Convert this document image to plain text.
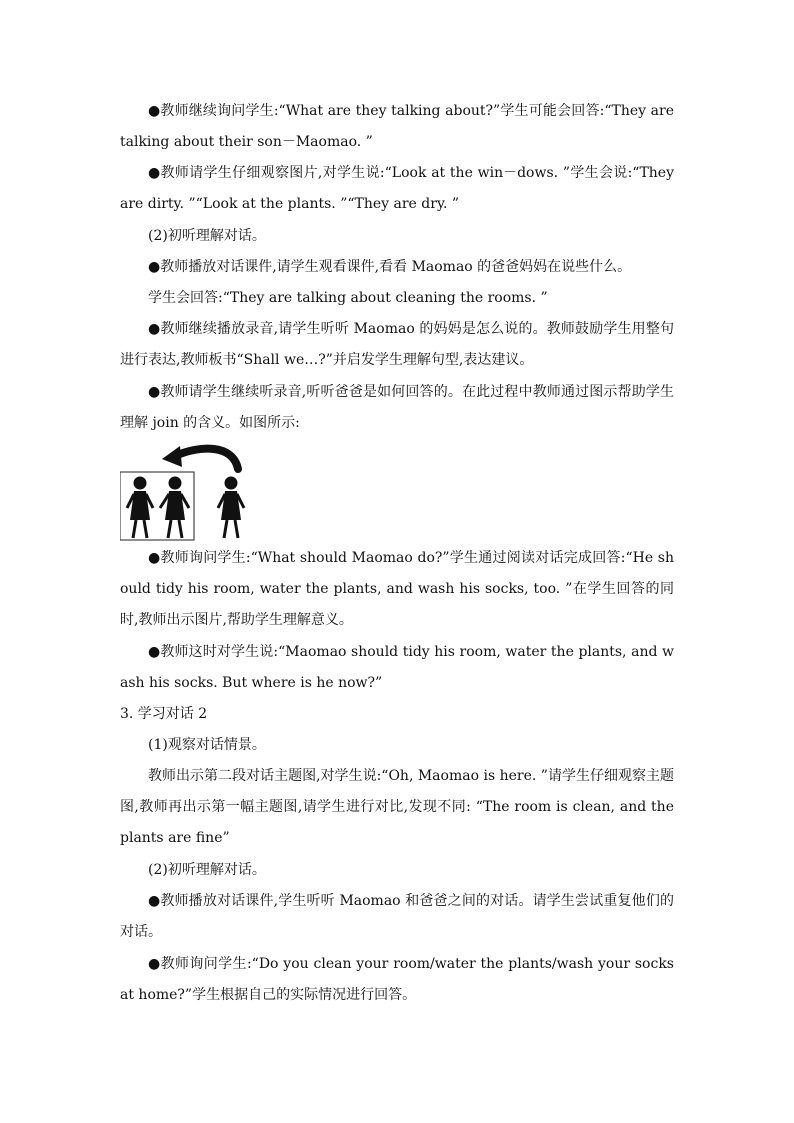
●教师继续询问学生:“What are they talking about?”学生可能会回答:“They are talking about their son－Maomao. ”

●教师请学生仔细观察图片,对学生说:“Look at the win－dows. ”学生会说:“They are dirty. ”“Look at the plants. ”“They are dry. ”

(2)初听理解对话。

●教师播放对话课件,请学生观看课件,看看 Maomao 的爸爸妈妈在说些什么。

学生会回答:“They are talking about cleaning the rooms. ”

●教师继续播放录音,请学生听听 Maomao 的妈妈是怎么说的。教师鼓励学生用整句进行表达,教师板书“Shall we…?”并启发学生理解句型,表达建议。

●教师请学生继续听录音,听听爸爸是如何回答的。在此过程中教师通过图示帮助学生理解 join 的含义。如图所示:

●教师询问学生:“What should Maomao do?”学生通过阅读对话完成回答:“He should tidy his room, water the plants, and wash his socks, too. ”在学生回答的同时,教师出示图片,帮助学生理解意义。

●教师这时对学生说:“Maomao should tidy his room, water the plants, and wash his socks. But where is he now?”

3. 学习对话 2

(1)观察对话情景。

教师出示第二段对话主题图,对学生说:“Oh, Maomao is here. ”请学生仔细观察主题图,教师再出示第一幅主题图,请学生进行对比,发现不同: “The room is clean, and the plants are fine”

(2)初听理解对话。

●教师播放对话课件,学生听听 Maomao 和爸爸之间的对话。请学生尝试重复他们的对话。

●教师询问学生:“Do you clean your room/water the plants/wash your socks at home?”学生根据自己的实际情况进行回答。
